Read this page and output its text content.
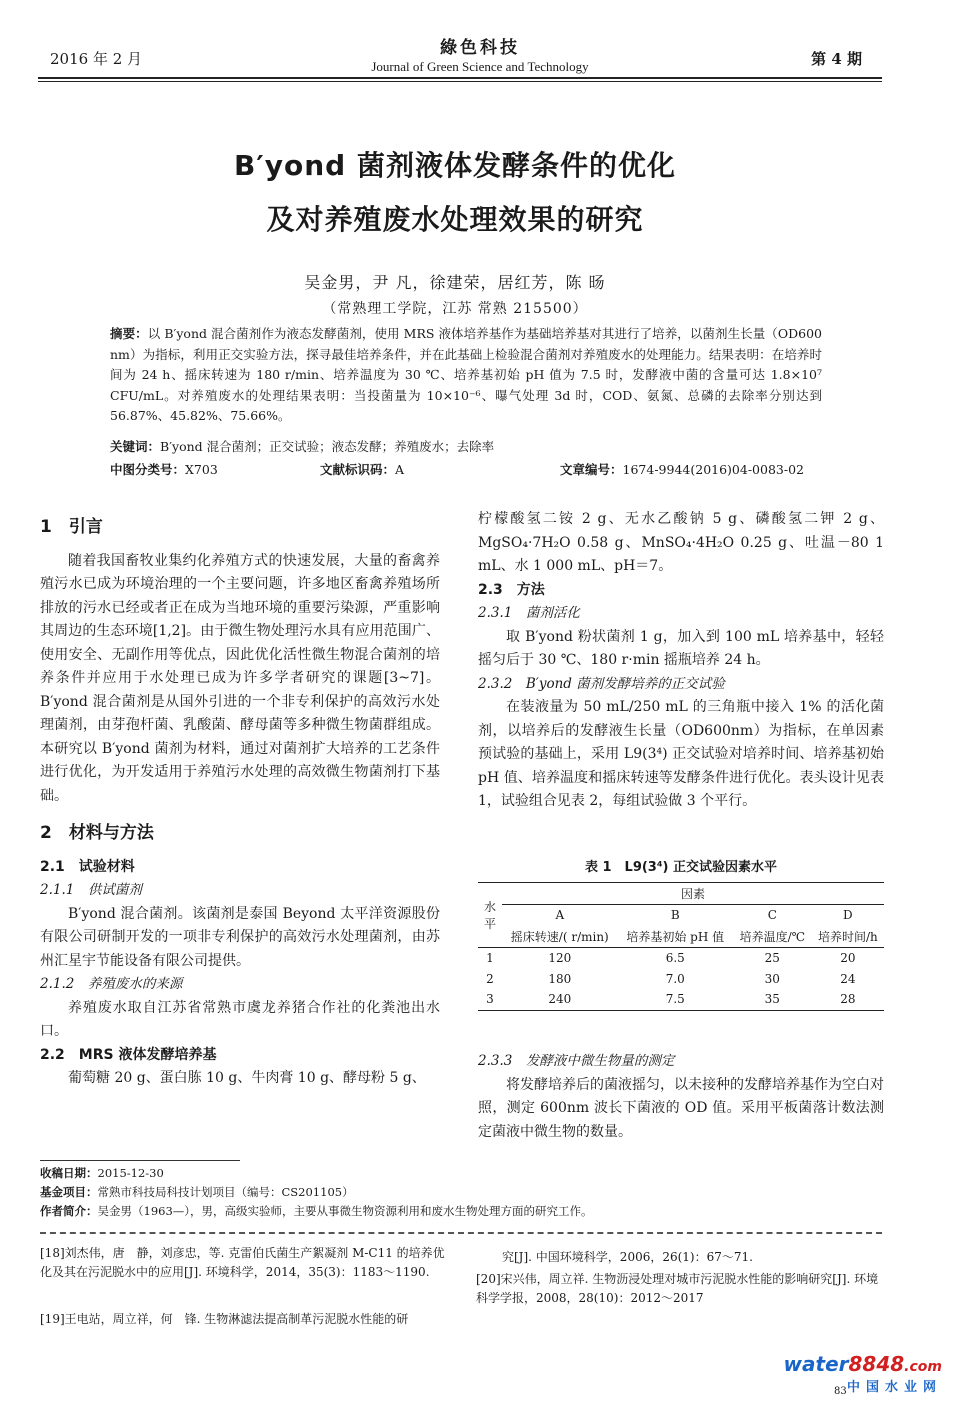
2016 年 2 月
綠色科技
Journal of Green Science and Technology	第 4 期
B′yond 菌剂液体发酵条件的优化
及对养殖废水处理效果的研究
吴金男，尹 凡，徐建荣，居红芳，陈 旸
（常熟理工学院，江苏 常熟 215500）
摘要：以 B′yond 混合菌剂作为液态发酵菌剂，使用 MRS 液体培养基作为基础培养基对其进行了培养，以菌剂生长量（OD600 nm）为指标，利用正交实验方法，探寻最佳培养条件，并在此基础上检验混合菌剂对养殖废水的处理能力。结果表明：在培养时间为 24 h、摇床转速为 180 r/min、培养温度为 30 ℃、培养基初始 pH 值为 7.5 时，发酵液中菌的含量可达 1.8×10⁷ CFU/mL。对养殖废水的处理结果表明：当投菌量为 10×10⁻⁶、曝气处理 3d 时，COD、氨氮、总磷的去除率分别达到 56.87%、45.82%、75.66%。
关键词：B′yond 混合菌剂；正交试验；液态发酵；养殖废水；去除率
中图分类号：X703	文献标识码：A	文章编号：1674-9944(2016)04-0083-02
1　引言
随着我国畜牧业集约化养殖方式的快速发展，大量的畜禽养殖污水已成为环境治理的一个主要问题，许多地区畜禽养殖场所排放的污水已经或者正在成为当地环境的重要污染源，严重影响其周边的生态环境[1,2]。由于微生物处理污水具有应用范围广、使用安全、无副作用等优点，因此优化活性微生物混合菌剂的培养条件并应用于水处理已成为许多学者研究的课题[3~7]。B′yond 混合菌剂是从国外引进的一个非专利保护的高效污水处理菌剂，由芽孢杆菌、乳酸菌、酵母菌等多种微生物菌群组成。本研究以 B′yond 菌剂为材料，通过对菌剂扩大培养的工艺条件进行优化，为开发适用于养殖污水处理的高效微生物菌剂打下基础。
2　材料与方法
2.1　试验材料
2.1.1　供试菌剂
B′yond 混合菌剂。该菌剂是泰国 Beyond 太平洋资源股份有限公司研制开发的一项非专利保护的高效污水处理菌剂，由苏州汇星宇节能设备有限公司提供。
2.1.2　养殖废水的来源
养殖废水取自江苏省常熟市虞龙养猪合作社的化粪池出水口。
2.2　MRS 液体发酵培养基
葡萄糖 20 g、蛋白胨 10 g、牛肉膏 10 g、酵母粉 5 g、
柠檬酸氢二铵 2 g、无水乙酸钠 5 g、磷酸氢二钾 2 g、MgSO₄·7H₂O 0.58 g、MnSO₄·4H₂O 0.25 g、吐温－80 1 mL、水 1 000 mL、pH＝7。
2.3　方法
2.3.1　菌剂活化
取 B′yond 粉状菌剂 1 g，加入到 100 mL 培养基中，轻轻摇匀后于 30 ℃、180 r·min 摇瓶培养 24 h。
2.3.2　B′yond 菌剂发酵培养的正交试验
在装液量为 50 mL/250 mL 的三角瓶中接入 1% 的活化菌剂，以培养后的发酵液生长量（OD600nm）为指标，在单因素预试验的基础上，采用 L9(3⁴) 正交试验对培养时间、培养基初始 pH 值、培养温度和摇床转速等发酵条件进行优化。表头设计见表 1，试验组合见表 2，每组试验做 3 个平行。
表 1　L9(3⁴) 正交试验因素水平
水平	因素			
	A	B	C	D
	摇床转速/( r/min)	培养基初始 pH 值	培养温度/℃	培养时间/h
1	120	6.5	25	20
2	180	7.0	30	24
3	240	7.5	35	28
2.3.3　发酵液中微生物量的测定
将发酵培养后的菌液摇匀，以未接种的发酵培养基作为空白对照，测定 600nm 波长下菌液的 OD 值。采用平板菌落计数法测定菌液中微生物的数量。
收稿日期：2015-12-30
基金项目：常熟市科技局科技计划项目（编号：CS201105）
作者简介：吴金男（1963—），男，高级实验师，主要从事微生物资源利用和废水生物处理方面的研究工作。
[18]刘杰伟，唐　静，刘彦忠，等. 克雷伯氏菌生产絮凝剂 M-C11 的培养优化及其在污泥脱水中的应用[J]. 环境科学，2014，35(3)：1183～1190.
[19]王电站，周立祥，何　锋. 生物淋滤法提高制革污泥脱水性能的研
究[J]. 中国环境科学，2006，26(1)：67～71.
[20]宋兴伟，周立祥. 生物沥浸处理对城市污泥脱水性能的影响研究[J]. 环境科学学报，2008，28(10)：2012～2017
83
water8848.com
中国水业网
